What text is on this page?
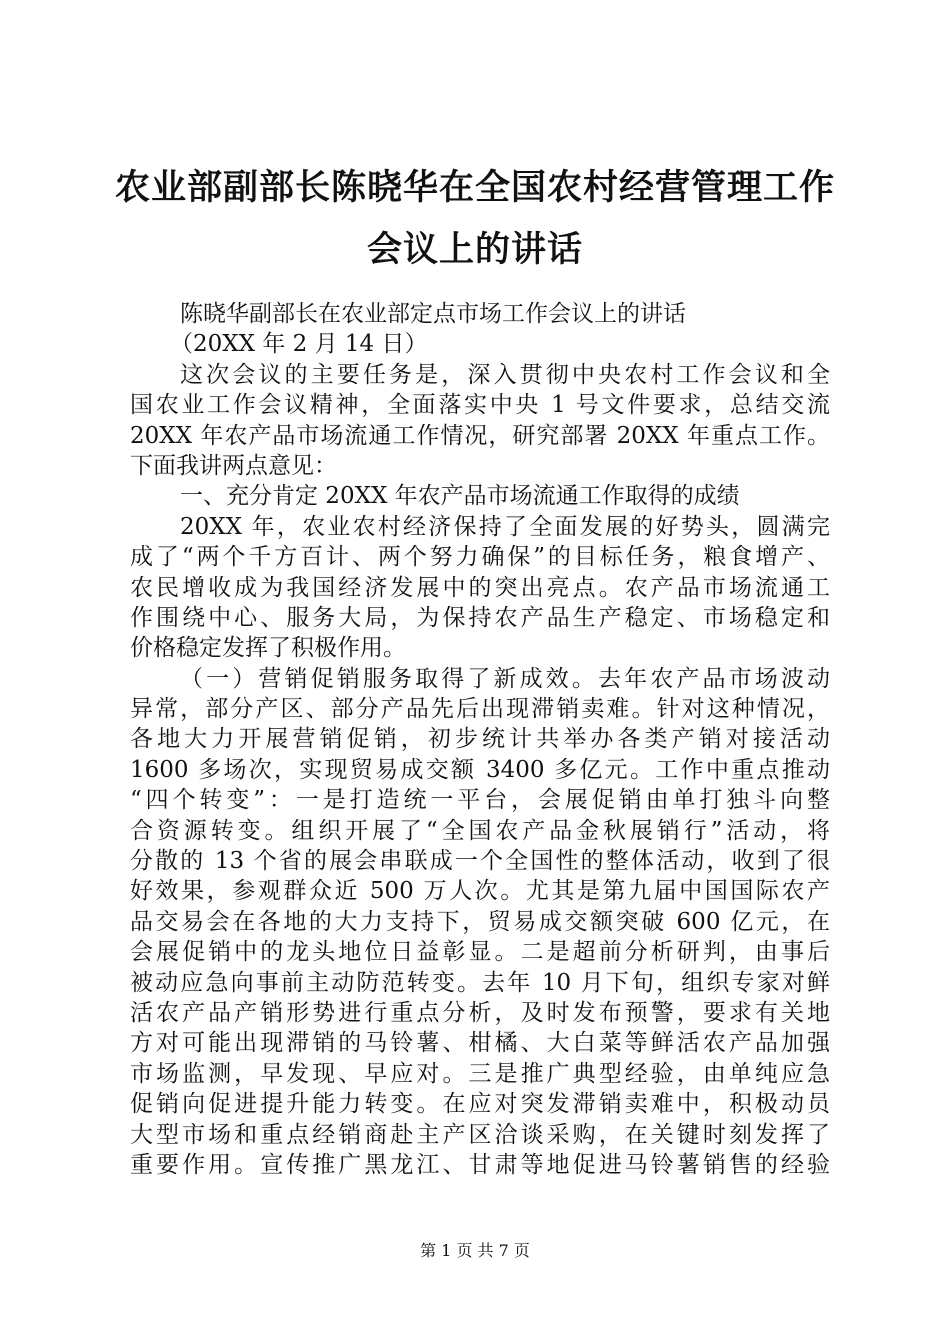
农业部副部长陈晓华在全国农村经营管理工作
会议上的讲话
陈晓华副部长在农业部定点市场工作会议上的讲话
（20XX 年 2 月 14 日）
这次会议的主要任务是，深入贯彻中央农村工作会议和全
国农业工作会议精神，全面落实中央 1 号文件要求，总结交流
20XX 年农产品市场流通工作情况，研究部署 20XX 年重点工作。
下面我讲两点意见：
一、充分肯定 20XX 年农产品市场流通工作取得的成绩
20XX 年，农业农村经济保持了全面发展的好势头，圆满完
成了“两个千方百计、两个努力确保”的目标任务，粮食增产、
农民增收成为我国经济发展中的突出亮点。农产品市场流通工
作围绕中心、服务大局，为保持农产品生产稳定、市场稳定和
价格稳定发挥了积极作用。
（一）营销促销服务取得了新成效。去年农产品市场波动
异常，部分产区、部分产品先后出现滞销卖难。针对这种情况，
各地大力开展营销促销，初步统计共举办各类产销对接活动
1600 多场次，实现贸易成交额 3400 多亿元。工作中重点推动
“四个转变”：一是打造统一平台，会展促销由单打独斗向整
合资源转变。组织开展了“全国农产品金秋展销行”活动，将
分散的 13 个省的展会串联成一个全国性的整体活动，收到了很
好效果，参观群众近 500 万人次。尤其是第九届中国国际农产
品交易会在各地的大力支持下，贸易成交额突破 600 亿元，在
会展促销中的龙头地位日益彰显。二是超前分析研判，由事后
被动应急向事前主动防范转变。去年 10 月下旬，组织专家对鲜
活农产品产销形势进行重点分析，及时发布预警，要求有关地
方对可能出现滞销的马铃薯、柑橘、大白菜等鲜活农产品加强
市场监测，早发现、早应对。三是推广典型经验，由单纯应急
促销向促进提升能力转变。在应对突发滞销卖难中，积极动员
大型市场和重点经销商赴主产区洽谈采购，在关键时刻发挥了
重要作用。宣传推广黑龙江、甘肃等地促进马铃薯销售的经验
第 1 页 共 7 页
